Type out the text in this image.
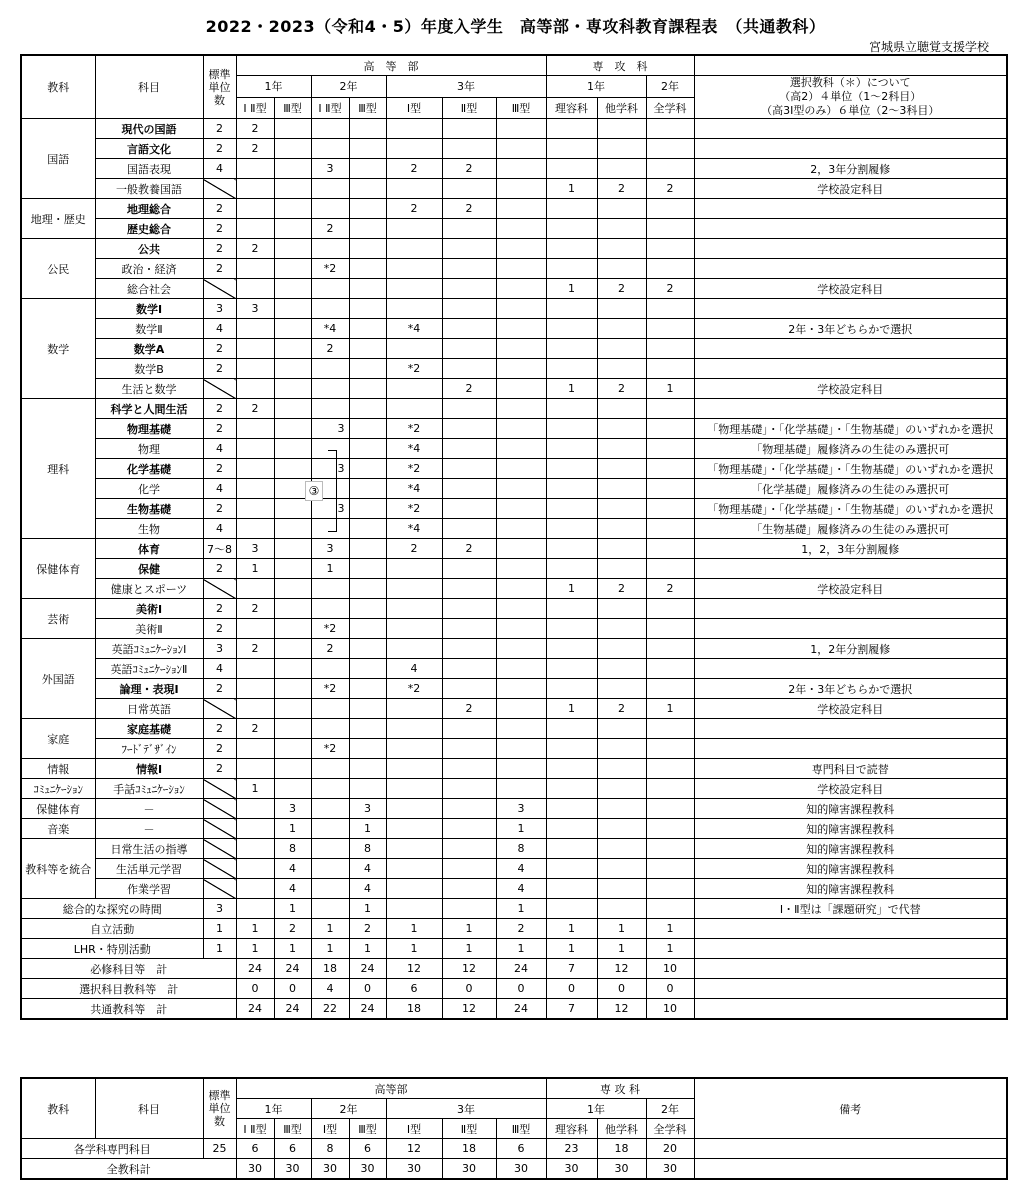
2022・2023（令和4・5）年度入学生　高等部・専攻科教育課程表　（共通教科）
宮城県立聴覚支援学校
教科	科目	標準単位数	高　等　部							専　攻　科			
			1年		2年		3年			1年		2年	選択教科（＊）について
（高2）４単位（1～2科目）
（高3Ⅰ型のみ）６単位（2～3科目）

			Ⅰ Ⅱ型	Ⅲ型	Ⅰ Ⅱ型	Ⅲ型	Ⅰ型	Ⅱ型	Ⅲ型	理容科	他学科	全学科	
国語	現代の国語	2	2										
	言語文化	2	2										
	国語表現	4			3		2	2					2，3年分割履修
	一般教養国語									1	2	2	学校設定科目
地理・歴史	地理総合	2					2	2					
	歴史総合	2			2								
公民	公共	2	2										
	政治・経済	2			*2								
	総合社会									1	2	2	学校設定科目
数学	数学Ⅰ	3	3										
	数学Ⅱ	4			*4		*4						2年・3年どちらかで選択
	数学A	2			2								
	数学B	2					*2						
	生活と数学							2		1	2	1	学校設定科目
理科	科学と人間生活	2	2										
	物理基礎	2			3		*2						「物理基礎」・「化学基礎」・「生物基礎」のいずれかを選択
	物理	4					*4						「物理基礎」履修済みの生徒のみ選択可
	化学基礎	2			3		*2						「物理基礎」・「化学基礎」・「生物基礎」のいずれかを選択
	化学	4					*4						「化学基礎」履修済みの生徒のみ選択可
	生物基礎	2			3		*2						「物理基礎」・「化学基礎」・「生物基礎」のいずれかを選択
	生物	4					*4						「生物基礎」履修済みの生徒のみ選択可
保健体育	体育	7～8	3		3		2	2					1，2，3年分割履修
	保健	2	1		1								
	健康とスポーツ									1	2	2	学校設定科目
芸術	美術Ⅰ	2	2										
	美術Ⅱ	2			*2								
外国語	英語ｺﾐｭﾆｹｰｼｮﾝⅠ	3	2		2								1，2年分割履修
	英語ｺﾐｭﾆｹｰｼｮﾝⅡ	4					4						
	論理・表現Ⅰ	2			*2		*2						2年・3年どちらかで選択
	日常英語							2		1	2	1	学校設定科目
家庭	家庭基礎	2	2										
	ﾌｰﾄﾞﾃﾞｻﾞｲﾝ	2			*2								
情報	情報Ⅰ	2											専門科目で読替
ｺﾐｭﾆｹｰｼｮﾝ	手話ｺﾐｭﾆｹｰｼｮﾝ		1										学校設定科目
保健体育	－			3		3			3				知的障害課程教科
音楽	－			1		1			1				知的障害課程教科
教科等を統合	日常生活の指導			8		8			8				知的障害課程教科
	生活単元学習			4		4			4				知的障害課程教科
	作業学習			4		4			4				知的障害課程教科
総合的な探究の時間		3		1		1			1				Ⅰ・Ⅱ型は「課題研究」で代替
自立活動		1	1	2	1	2	1	1	2	1	1	1	
LHR・特別活動		1	1	1	1	1	1	1	1	1	1	1	
必修科目等　計			24	24	18	24	12	12	24	7	12	10	
選択科目教科等　計			0	0	4	0	6	0	0	0	0	0	
共通教科等　計			24	24	22	24	18	12	24	7	12	10	
教科	科目	標準単位数	高等部							専 攻 科			備考
			1年		2年		3年			1年		2年	
			Ⅰ Ⅱ型	Ⅲ型	Ⅰ型	Ⅲ型	Ⅰ型	Ⅱ型	Ⅲ型	理容科	他学科	全学科	
各学科専門科目		25	6	6	8	6	12	18	6	23	18	20	
全教科計			30	30	30	30	30	30	30	30	30	30	
③
